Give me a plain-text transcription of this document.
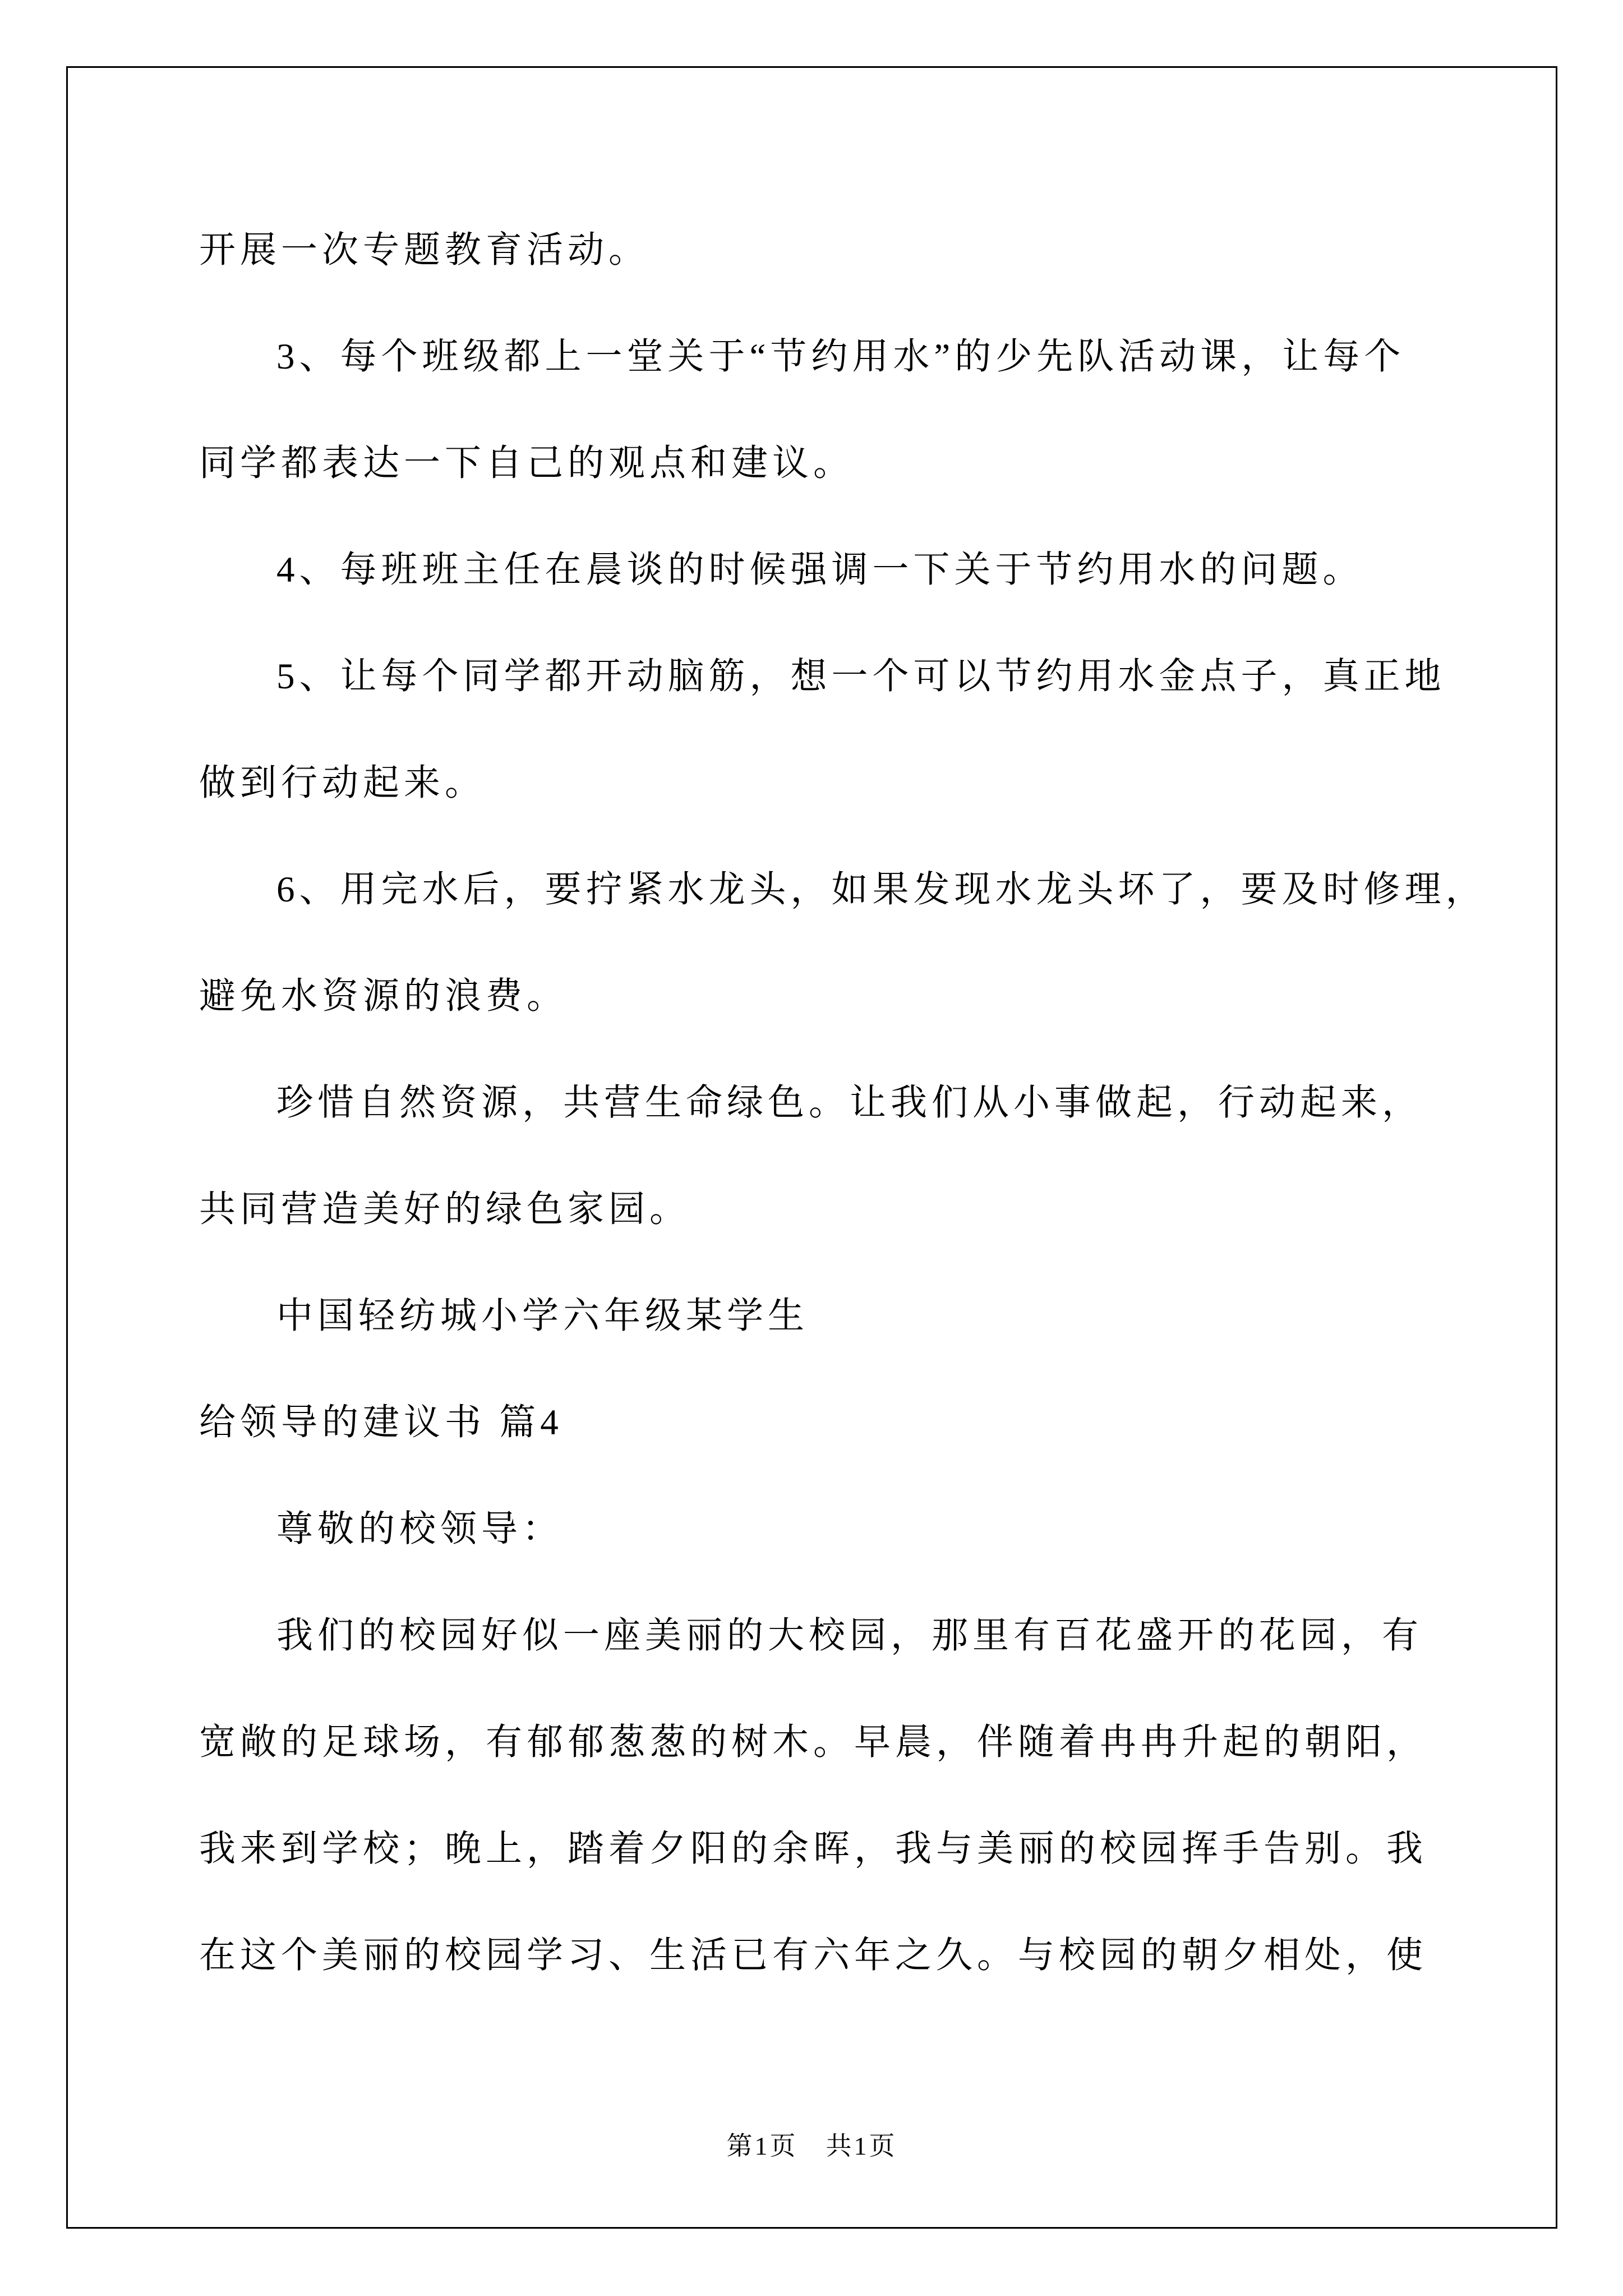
开展一次专题教育活动。
3、每个班级都上一堂关于“节约用水”的少先队活动课，让每个
同学都表达一下自己的观点和建议。
4、每班班主任在晨谈的时候强调一下关于节约用水的问题。
5、让每个同学都开动脑筋，想一个可以节约用水金点子，真正地
做到行动起来。
6、用完水后，要拧紧水龙头，如果发现水龙头坏了，要及时修理，
避免水资源的浪费。
珍惜自然资源，共营生命绿色。让我们从小事做起，行动起来，
共同营造美好的绿色家园。
中国轻纺城小学六年级某学生
给领导的建议书 篇4
尊敬的校领导：
我们的校园好似一座美丽的大校园，那里有百花盛开的花园，有
宽敞的足球场，有郁郁葱葱的树木。早晨，伴随着冉冉升起的朝阳，
我来到学校；晚上，踏着夕阳的余晖，我与美丽的校园挥手告别。我
在这个美丽的校园学习、生活已有六年之久。与校园的朝夕相处，使
第1页　共1页
